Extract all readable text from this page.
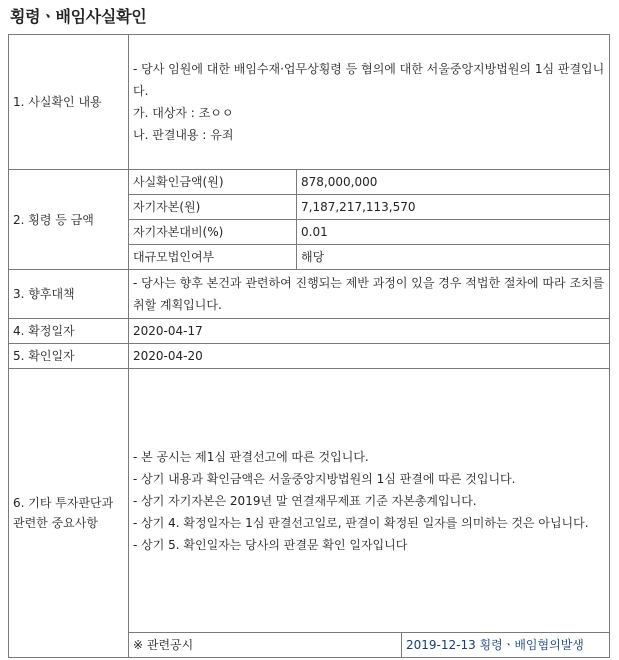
횡령ㆍ배임사실확인
1. 사실확인 내용	- 당사 임원에 대한 배임수재·업무상횡령 등 혐의에 대한 서울중앙지방법원의 1심 판결입니다.
가. 대상자 : 조ㅇㅇ
나. 판결내용 : 유죄		

2. 횡령 등 금액	사실확인금액(원)	878,000,000	
	자기자본(원)	7,187,217,113,570	
	자기자본대비(%)	0.01	
	대규모법인여부	해당	
3. 향후대책	- 당사는 향후 본건과 관련하여 진행되는 제반 과정이 있을 경우 적법한 절차에 따라 조치를 취할 계획입니다.		

4. 확정일자	2020-04-17		
5. 확인일자	2020-04-20		
6. 기타 투자판단과 관련한 중요사항	- 본 공시는 제1심 판결선고에 따른 것입니다.
- 상기 내용과 확인금액은 서울중앙지방법원의 1심 판결에 따른 것입니다.
- 상기 자기자본은 2019년 말 연결재무제표 기준 자본총계입니다.
- 상기 4. 확정일자는 1심 판결선고일로, 판결이 확정된 일자를 의미하는 것은 아닙니다.
- 상기 5. 확인일자는 당사의 판결문 확인 일자입니다		

	※ 관련공시		2019-12-13 횡령ㆍ배임혐의발생
